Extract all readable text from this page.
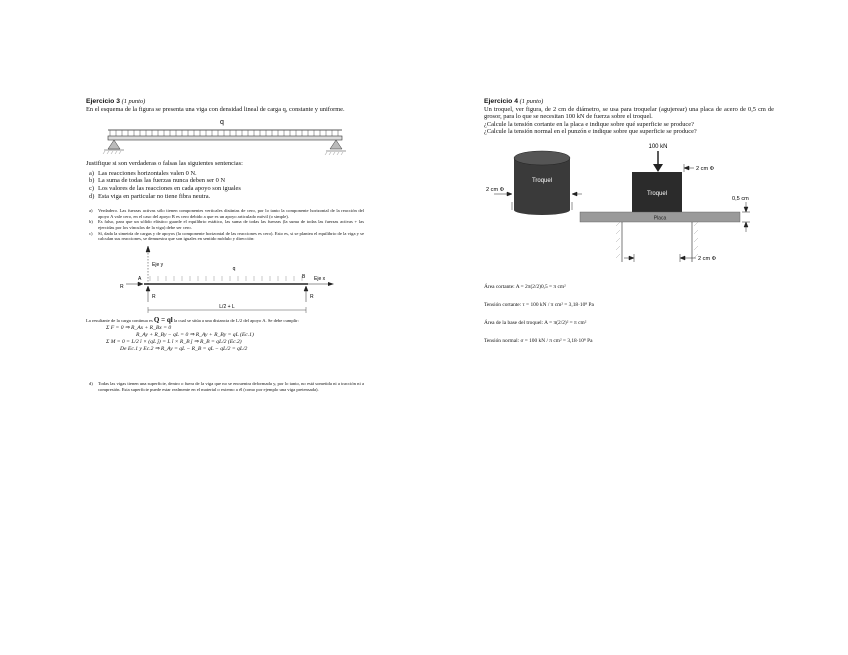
Ejercicio 3 (1 punto)

En el esquema de la figura se presenta una viga con densidad lineal de carga q, constante y uniforme.

q

Justifique si son verdaderas o falsas las siguientes sentencias:

a) Las reacciones horizontales valen 0 N.
b) La suma de todas las fuerzas nunca deben ser 0 N
c) Los valores de las reacciones en cada apoyo son iguales
d) Esta viga en particular no tiene fibra neutra.
a) Verdadero. Las fuerzas activas sólo tienen componentes verticales distintas de cero, por lo tanto la componente horizontal de la reacción del apoyo A vale cero, en el caso del apoyo B es cero debido a que es un apoyo articulado móvil (o simple).
b) Es falso, para que un sólido elástico guarde el equilibrio estático, las suma de todas las fuerzas (la suma de todas las fuerzas activas + las ejercidas por los vínculos de la viga) debe ser cero.
c) Sí, dada la simetría de cargas y de apoyos (la componente horizontal de las reacciones es cero). Esto es, si se plantea el equilibrio de la viga y se calculan sus reacciones, se demuestra que son iguales en sentido módulo y dirección:
Eje y
q
Eje x
A	B
R
R	R
L/2 + L

La resultante de la carga continua es Q = ql la cual se sitúa a una distancia de L/2 del apoyo A. Se debe cumplir:

Σ F = 0 ⇒ R_Ax + R_Bx = 0
R_Ay + R_By − qL = 0 ⇒ R_Ay + R_By = qL (Ec.1)
Σ M = 0 = L/2 î × (qL ĵ) = L î × R_B ĵ ⇒ R_B = qL/2 (Ec.2)
De Ec.1 y Ec.2 ⇒ R_Ay = qL − R_B = qL − qL/2 = qL/2
d) Todas las vigas tienen una superficie, dentro o fuera de la viga que no se encuentra deformada y, por lo tanto, no está sometida ni a tracción ni a compresión. Esta superficie puede estar realmente en el material o externo a él (como por ejemplo una viga pretensada).
Ejercicio 4 (1 punto)

Un troquel, ver figura, de 2 cm de diámetro, se usa para troquelar (agujerear) una placa de acero de 0,5 cm de grosor, para lo que se necesitan 100 kN de fuerza sobre el troquel.

¿Calcule la tensión cortante en la placa e indique sobre qué superficie se produce?

¿Calcule la tensión normal en el punzón e indique sobre que superficie se produce?

Troquel
2 cm Φ
100 kN
Troquel
2 cm Φ
Placa
0,5 cm
2 cm Φ

Área cortante: A = 2π(2/2)0,5 = π cm²

Tensión cortante: τ = 100 kN / π cm² = 3,18·10⁸ Pa

Área de la base del troquel: A = π(2/2)² = π cm²

Tensión normal: σ = 100 kN / π cm² = 3,18·10⁸ Pa
